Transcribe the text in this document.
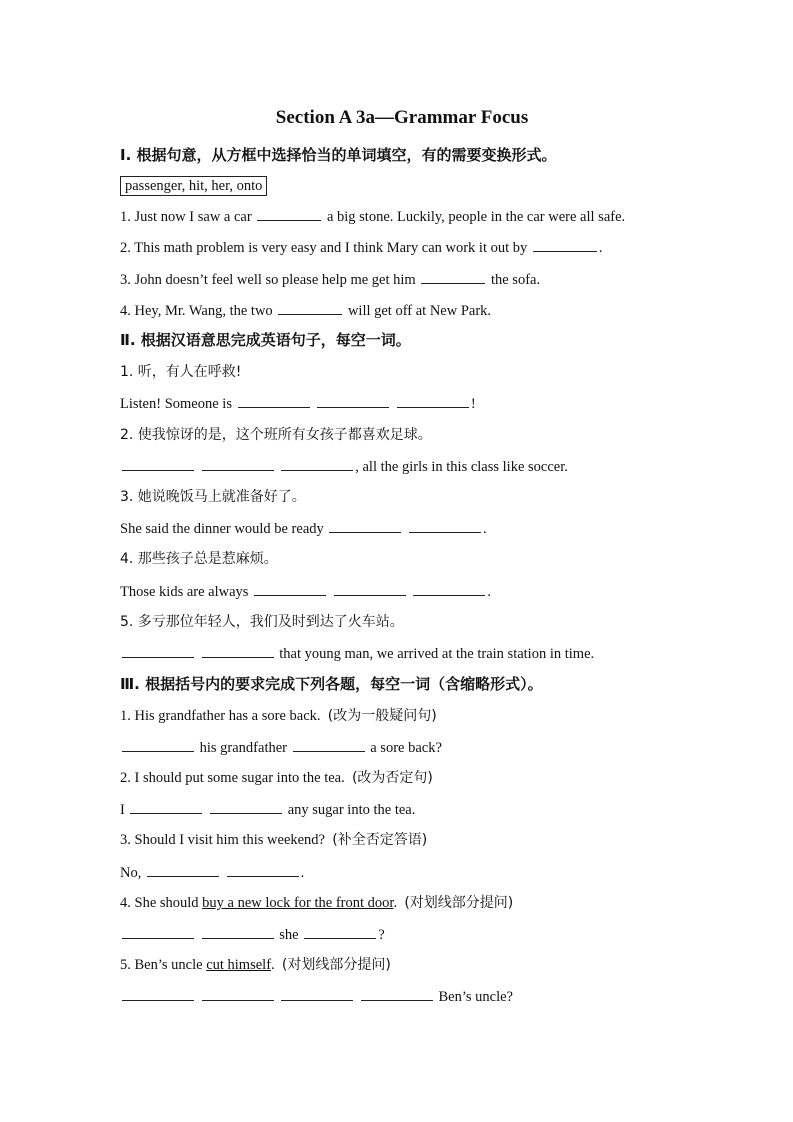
Section A 3a—Grammar Focus
Ⅰ. 根据句意，从方框中选择恰当的单词填空，有的需要变换形式。
passenger, hit, her, onto
1. Just now I saw a car	a big stone. Luckily, people in the car were all safe.
2. This math problem is very easy and I think Mary can work it out by	.
3. John doesn’t feel well so please help me get him	the sofa.
4. Hey, Mr. Wang, the two	will get off at New Park.
Ⅱ. 根据汉语意思完成英语句子，每空一词。
1. 听，有人在呼救!
Listen! Someone is	!
2. 使我惊讶的是，这个班所有女孩子都喜欢足球。
, all the girls in this class like soccer.
3. 她说晚饭马上就准备好了。
She said the dinner would be ready	.
4. 那些孩子总是惹麻烦。
Those kids are always	.
5. 多亏那位年轻人，我们及时到达了火车站。
that young man, we arrived at the train station in time.
Ⅲ. 根据括号内的要求完成下列各题，每空一词（含缩略形式）。
1. His grandfather has a sore back. (改为一般疑问句)
his grandfather	a sore back?
2. I should put some sugar into the tea. (改为否定句)
I	any sugar into the tea.
3. Should I visit him this weekend? (补全否定答语)
No,	.
4. She should buy a new lock for the front door. (对划线部分提问)
she	?
5. Ben’s uncle cut himself. (对划线部分提问)
Ben’s uncle?
